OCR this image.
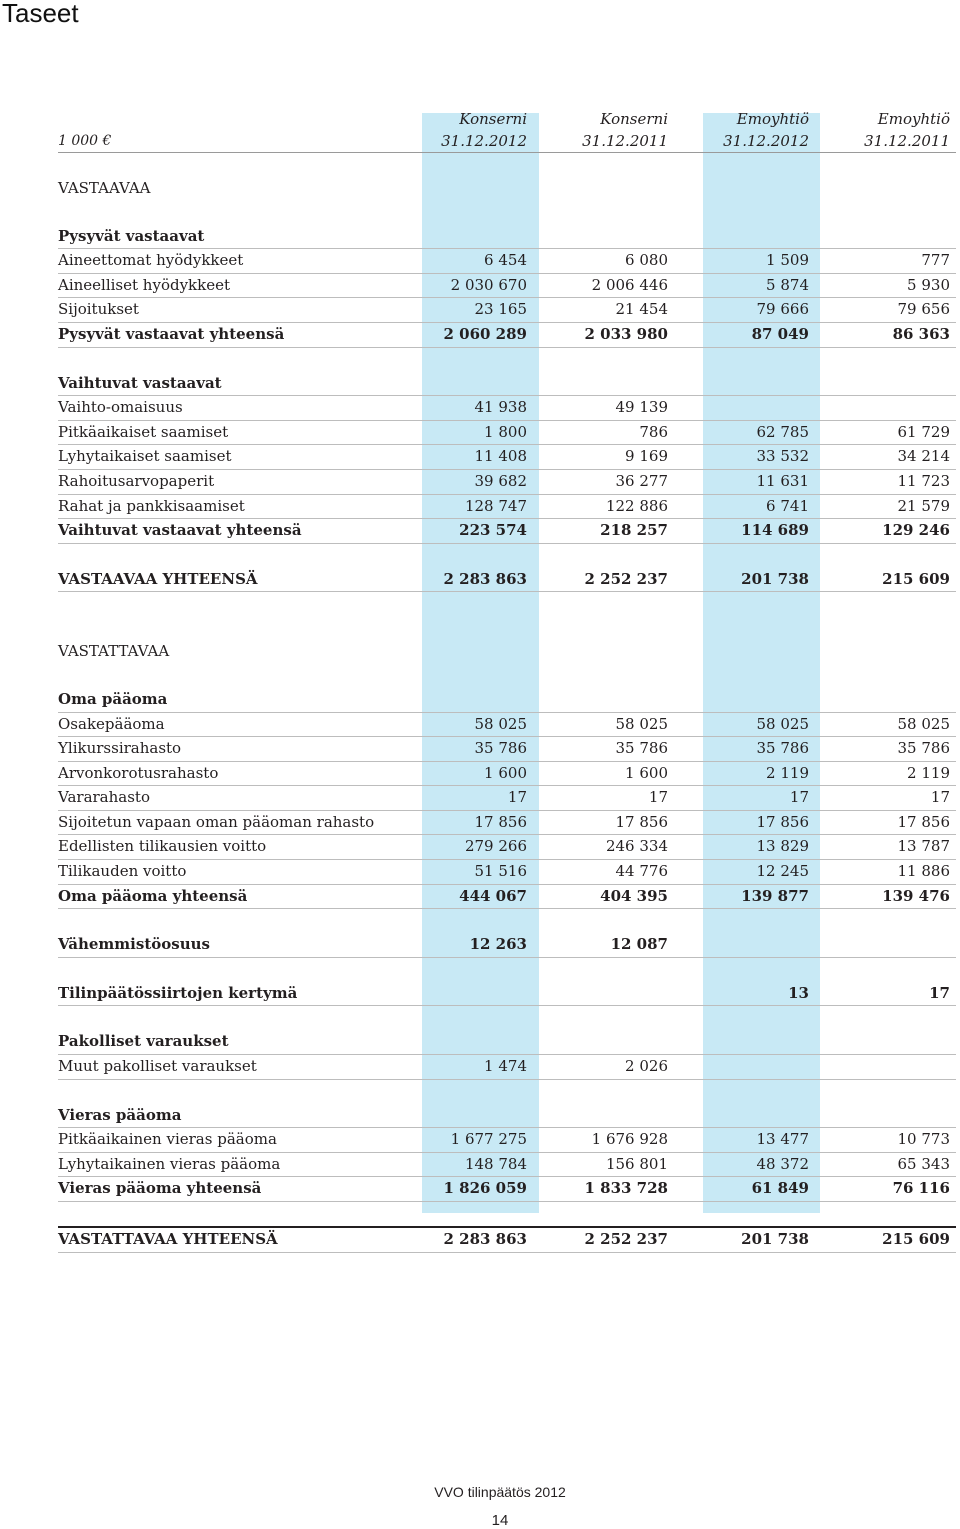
Taseet
	Konserni	Konserni	Emoyhtiö	Emoyhtiö
1 000 €	31.12.2012	31.12.2011	31.12.2012	31.12.2011

VASTAAVAA				

Pysyvät vastaavat				
Aineettomat hyödykkeet	6 454	6 080	1 509	777
Aineelliset hyödykkeet	2 030 670	2 006 446	5 874	5 930
Sijoitukset	23 165	21 454	79 666	79 656
Pysyvät vastaavat yhteensä	2 060 289	2 033 980	87 049	86 363

Vaihtuvat vastaavat				
Vaihto-omaisuus	41 938	49 139		
Pitkäaikaiset saamiset	1 800	786	62 785	61 729
Lyhytaikaiset saamiset	11 408	9 169	33 532	34 214
Rahoitusarvopaperit	39 682	36 277	11 631	11 723
Rahat ja pankkisaamiset	128 747	122 886	6 741	21 579
Vaihtuvat vastaavat yhteensä	223 574	218 257	114 689	129 246

VASTAAVAA YHTEENSÄ	2 283 863	2 252 237	201 738	215 609

VASTATTAVAA				

Oma pääoma				
Osakepääoma	58 025	58 025	58 025	58 025
Ylikurssirahasto	35 786	35 786	35 786	35 786
Arvonkorotusrahasto	1 600	1 600	2 119	2 119
Vararahasto	17	17	17	17
Sijoitetun vapaan oman pääoman rahasto	17 856	17 856	17 856	17 856
Edellisten tilikausien voitto	279 266	246 334	13 829	13 787
Tilikauden voitto	51 516	44 776	12 245	11 886
Oma pääoma yhteensä	444 067	404 395	139 877	139 476

Vähemmistöosuus	12 263	12 087		

Tilinpäätössiirtojen kertymä			13	17

Pakolliset varaukset				
Muut pakolliset varaukset	1 474	2 026		

Vieras pääoma				
Pitkäaikainen vieras pääoma	1 677 275	1 676 928	13 477	10 773
Lyhytaikainen vieras pääoma	148 784	156 801	48 372	65 343
Vieras pääoma yhteensä	1 826 059	1 833 728	61 849	76 116

VASTATTAVAA YHTEENSÄ	2 283 863	2 252 237	201 738	215 609
VVO tilinpäätös 2012
14
